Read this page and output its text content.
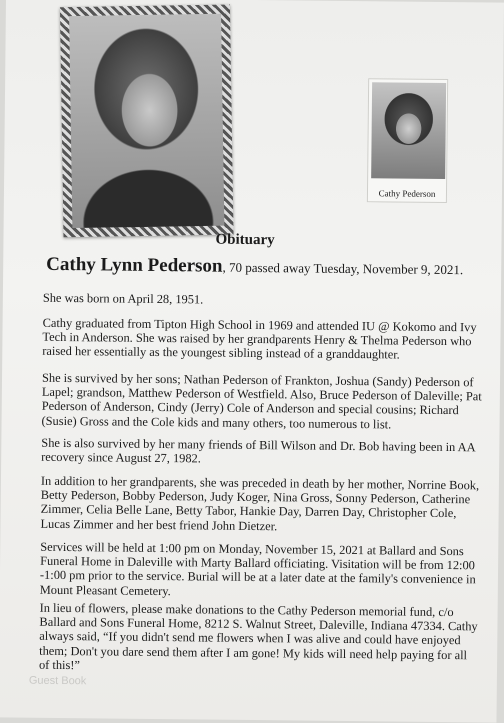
Cathy Pederson
Obituary
Cathy Lynn Pederson, 70 passed away Tuesday, November 9, 2021.

She was born on April 28, 1951.

Cathy graduated from Tipton High School in 1969 and attended IU @ Kokomo and Ivy Tech in Anderson. She was raised by her grandparents Henry & Thelma Pederson who raised her essentially as the youngest sibling instead of a granddaughter.

She is survived by her sons; Nathan Pederson of Frankton, Joshua (Sandy) Pederson of Lapel; grandson, Matthew Pederson of Westfield. Also, Bruce Pederson of Daleville; Pat Pederson of Anderson, Cindy (Jerry) Cole of Anderson and special cousins; Richard (Susie) Gross and the Cole kids and many others, too numerous to list.

She is also survived by her many friends of Bill Wilson and Dr. Bob having been in AA recovery since August 27, 1982.

In addition to her grandparents, she was preceded in death by her mother, Norrine Book, Betty Pederson, Bobby Pederson, Judy Koger, Nina Gross, Sonny Pederson, Catherine Zimmer, Celia Belle Lane, Betty Tabor, Hankie Day, Darren Day, Christopher Cole, Lucas Zimmer and her best friend John Dietzer.

Services will be held at 1:00 pm on Monday, November 15, 2021 at Ballard and Sons Funeral Home in Daleville with Marty Ballard officiating. Visitation will be from 12:00 -1:00 pm prior to the service. Burial will be at a later date at the family's convenience in Mount Pleasant Cemetery.

In lieu of flowers, please make donations to the Cathy Pederson memorial fund, c/o Ballard and Sons Funeral Home, 8212 S. Walnut Street, Daleville, Indiana 47334. Cathy always said, “If you didn't send me flowers when I was alive and could have enjoyed them; Don't you dare send them after I am gone! My kids will need help paying for all of this!”

Guest Book
